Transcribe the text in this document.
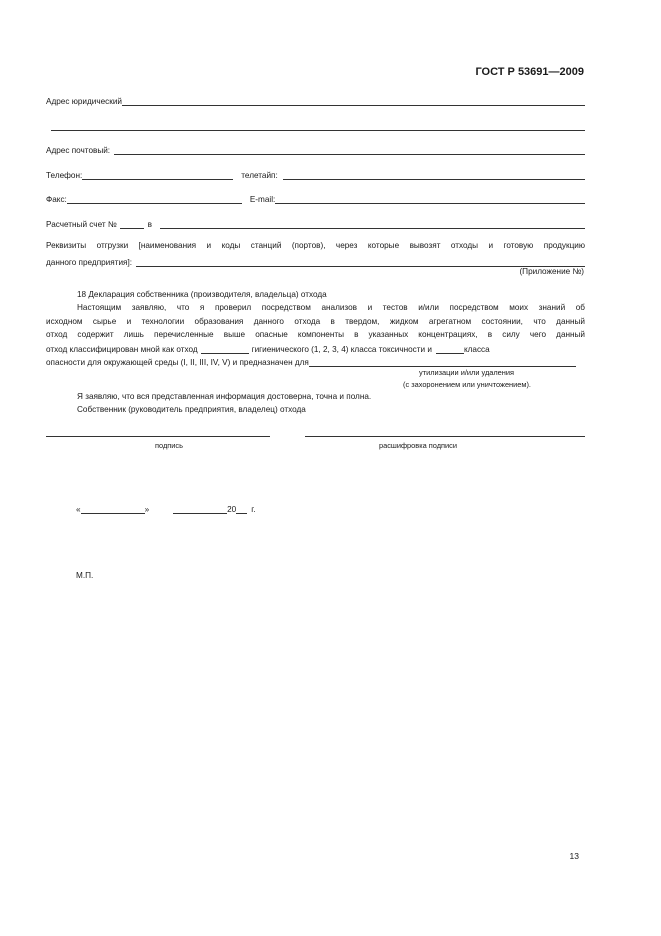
ГОСТ Р 53691—2009
Адрес юридический
Адрес почтовый:
Телефон:	телетайп:
Факс:	E-mail:
Расчетный счет №	в
Реквизиты отгрузки [наименования и коды станций (портов), через которые вывозят отходы и готовую продукцию
данного предприятия]:
(Приложение №)
18 Декларация собственника (производителя, владельца) отхода
Настоящим заявляю, что я проверил посредством анализов и тестов и/или посредством моих знаний об
исходном сырье и технологии образования данного отхода в твердом, жидком агрегатном состоянии, что данный
отход содержит лишь перечисленные выше опасные компоненты в указанных концентрациях, в силу чего данный
отход классифицирован мной как отход	гигиенического (1, 2, 3, 4) класса токсичности и	класса
опасности для окружающей среды (I, II, III, IV, V) и предназначен для
утилизации и/или удаления
(с захоронением или уничтожением).
Я заявляю, что вся представленная информация достоверна, точна и полна.
Собственник (руководитель предприятия, владелец) отхода
подпись	расшифровка подписи
«	»	20 г.
М.П.
13
